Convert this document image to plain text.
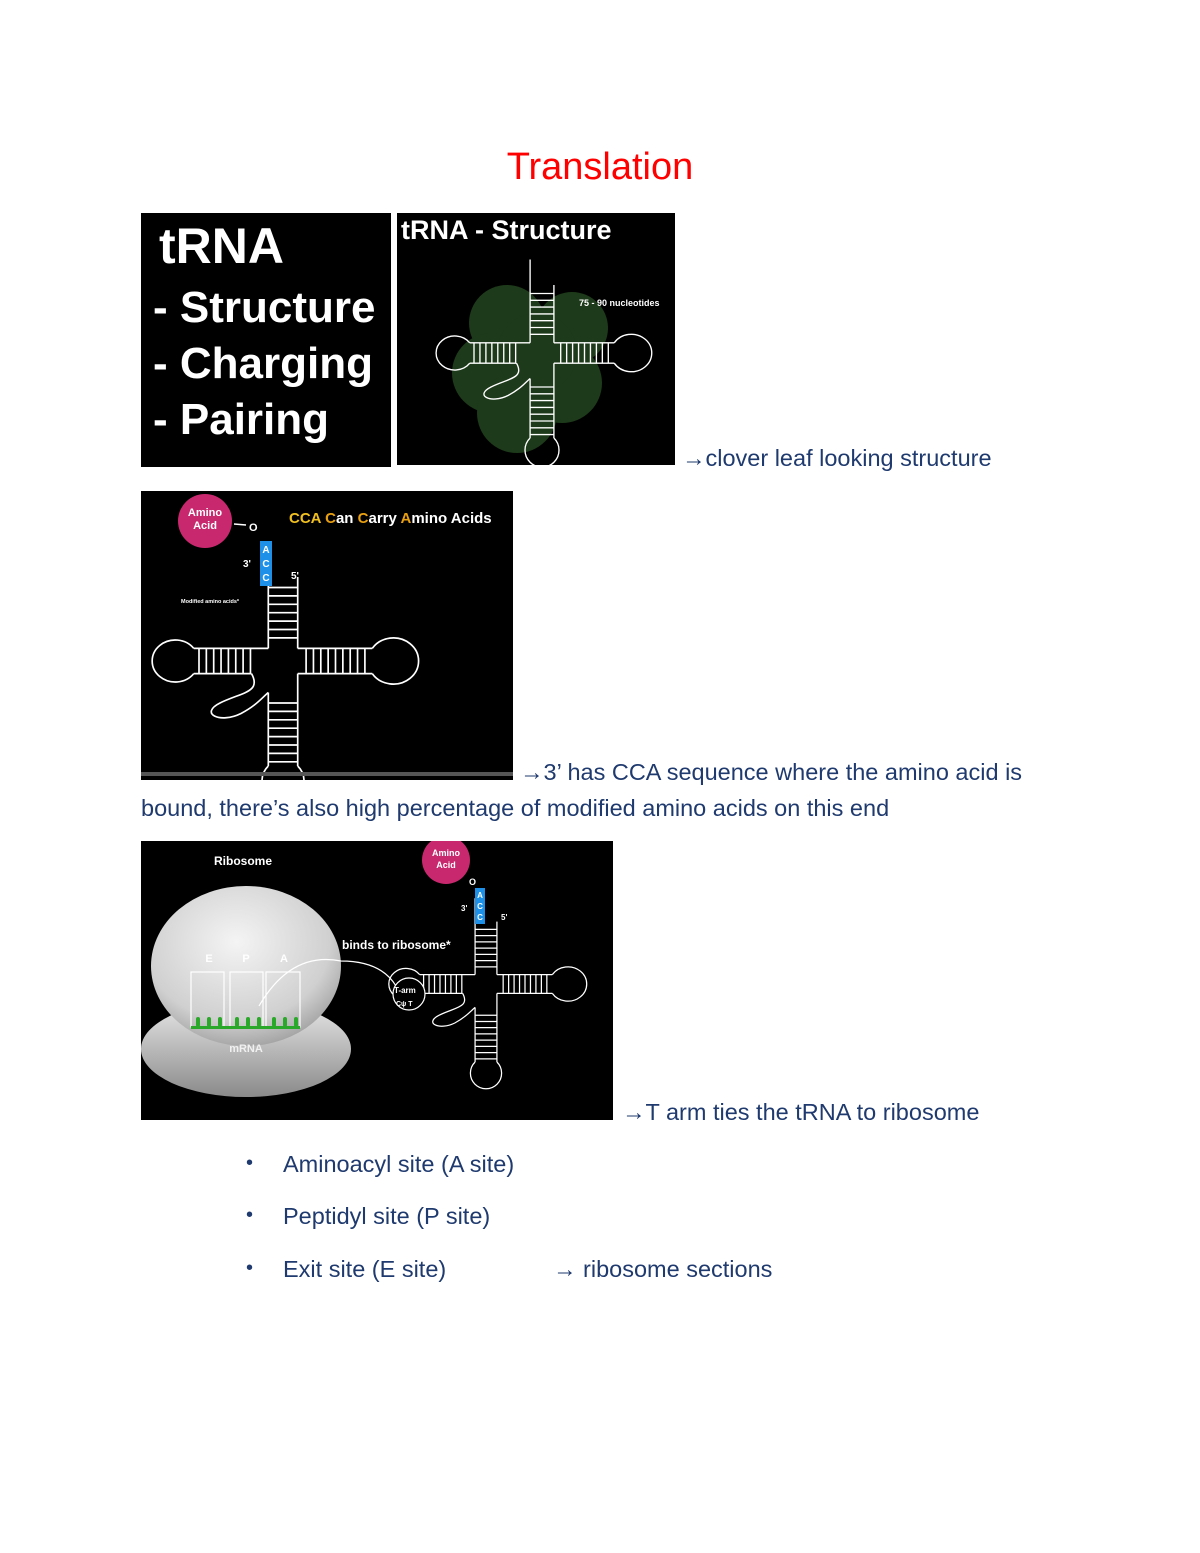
Translation
tRNA
- Structure
- Charging
- Pairing
tRNA - Structure
75 - 90 nucleotides
→clover leaf looking structure
Amino
Acid	O
A
C
C
3'
5'
Modified amino acids*
CCA Can Carry Amino Acids
→3’ has CCA sequence where the amino acid is
bound, there’s also high percentage of modified amino acids on this end
Ribosome
E	P	A
mRNA
binds to ribosome*
T-arm
Cψ T
Amino
Acid
O
A
C
C
3'
5'
→T arm ties the tRNA to ribosome
• Aminoacyl site (A site)
• Peptidyl site (P site)
• Exit site (E site)	→ ribosome sections
